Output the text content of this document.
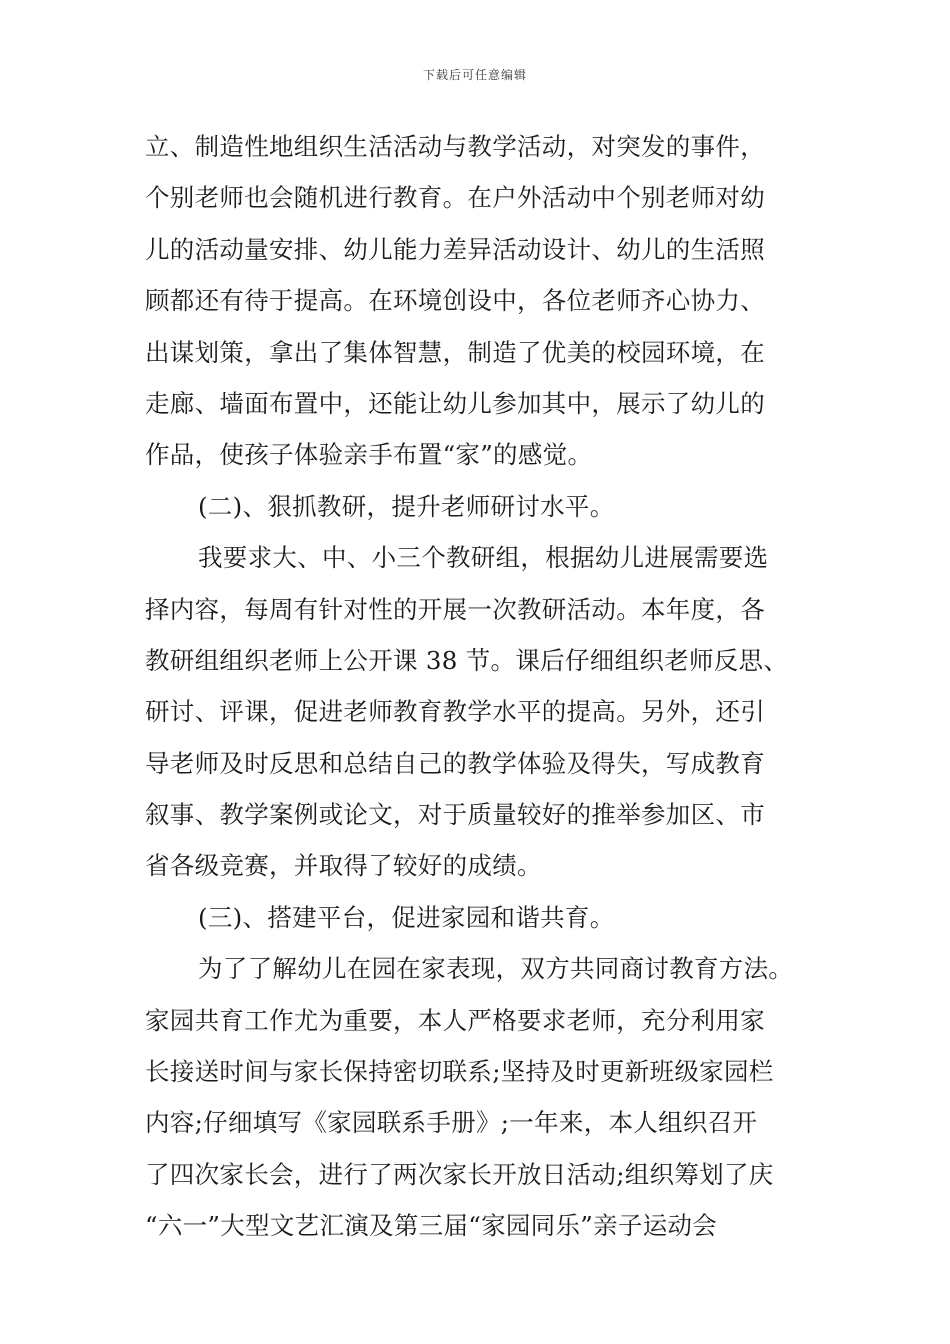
下载后可任意编辑
立、制造性地组织生活活动与教学活动，对突发的事件，
个别老师也会随机进行教育。在户外活动中个别老师对幼
儿的活动量安排、幼儿能力差异活动设计、幼儿的生活照
顾都还有待于提高。在环境创设中，各位老师齐心协力、
出谋划策，拿出了集体智慧，制造了优美的校园环境，在
走廊、墙面布置中，还能让幼儿参加其中，展示了幼儿的
作品，使孩子体验亲手布置“家”的感觉。
(二)、狠抓教研，提升老师研讨水平。
我要求大、中、小三个教研组，根据幼儿进展需要选
择内容，每周有针对性的开展一次教研活动。本年度，各
教研组组织老师上公开课 38 节。课后仔细组织老师反思、
研讨、评课，促进老师教育教学水平的提高。另外，还引
导老师及时反思和总结自己的教学体验及得失，写成教育
叙事、教学案例或论文，对于质量较好的推举参加区、市
省各级竞赛，并取得了较好的成绩。
(三)、搭建平台，促进家园和谐共育。
为了了解幼儿在园在家表现，双方共同商讨教育方法。
家园共育工作尤为重要，本人严格要求老师，充分利用家
长接送时间与家长保持密切联系;坚持及时更新班级家园栏
内容;仔细填写《家园联系手册》;一年来，本人组织召开
了四次家长会，进行了两次家长开放日活动;组织筹划了庆
“六一”大型文艺汇演及第三届“家园同乐”亲子运动会
